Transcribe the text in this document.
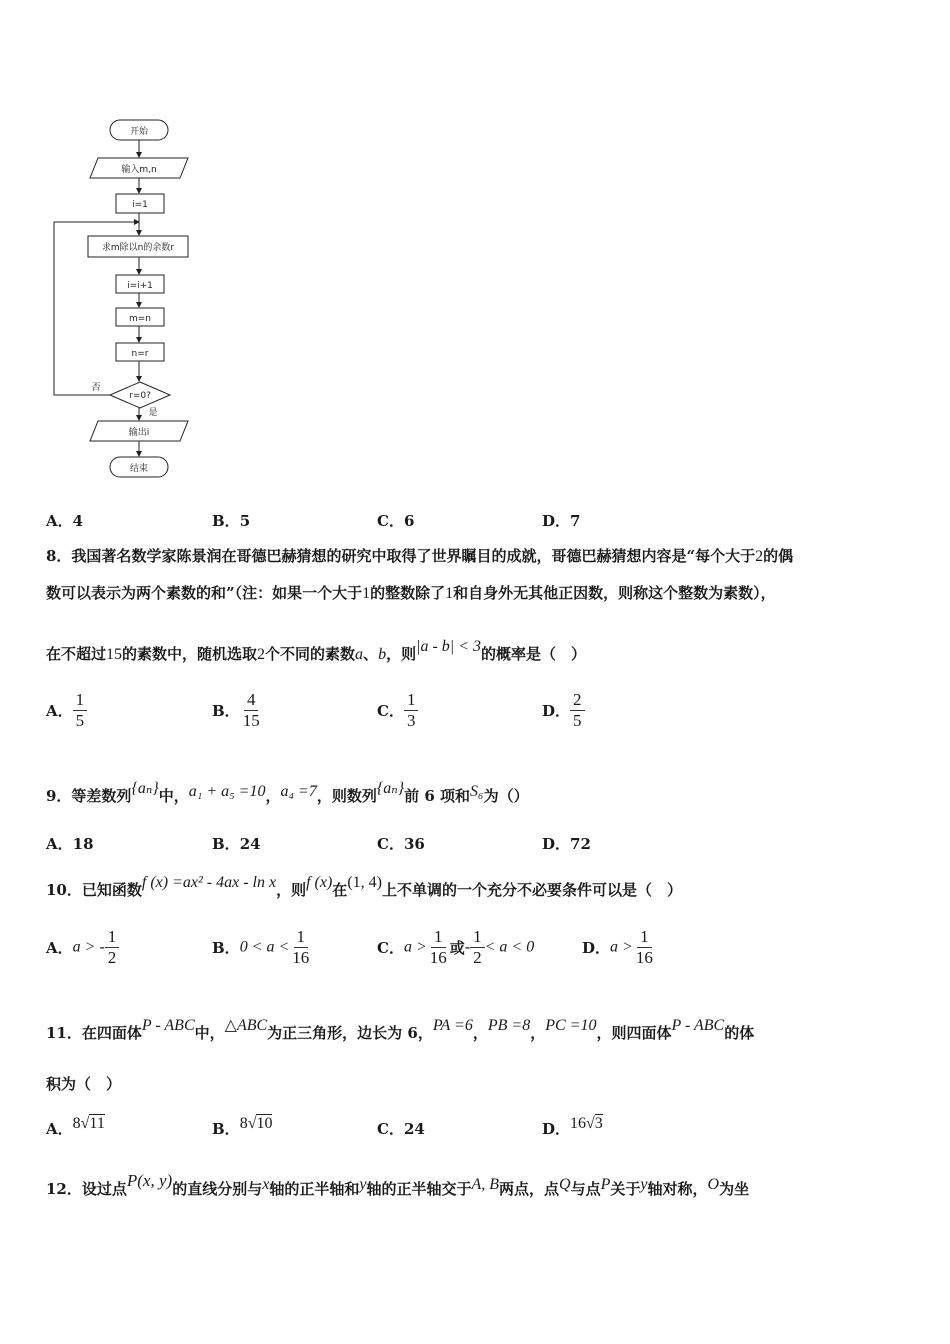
开始
输入m,n
i=1
求m除以n的余数r
i=i+1
m=n
n=r
r=0?
否
是
输出i
结束
A．4	B．5	C．6	D．7
8．我国著名数学家陈景润在哥德巴赫猜想的研究中取得了世界瞩目的成就，哥德巴赫猜想内容是“每个大于2的偶
数可以表示为两个素数的和”（注：如果一个大于1的整数除了1和自身外无其他正因数，则称这个整数为素数），
在不超过15的素数中，随机选取2个不同的素数a、b，则|a - b| < 3的概率是（　）
A． $\frac{1}{5}$	B． $\frac{4}{15}$	C． $\frac{1}{3}$	D． $\frac{2}{5}$
9．等差数列{aₙ}中，a₁ + a₅ =10，a₄ =7，则数列{aₙ}前 6 项和S₆为（）
A．18	B．24	C．36	D．72
10．已知函数f (x) =ax² - 4ax - ln x，则f (x)在(1, 4)上不单调的一个充分不必要条件可以是（　）
A．a > - $\frac{1}{2}$	B．$0 < a < \frac{1}{16}$	C．$a > \frac{1}{16}$ 或- $\frac{1}{2} < a < 0$	D．$a > \frac{1}{16}$
11．在四面体P - ABC中，△ABC为正三角形，边长为 6，PA =6，PB =8，PC =10，则四面体P - ABC的体
积为（　）
A．8√11	B．8√10	C．24	D．16√3
12．设过点P(x, y)的直线分别与x轴的正半轴和y轴的正半轴交于A, B两点，点Q与点P关于y轴对称，O为坐
